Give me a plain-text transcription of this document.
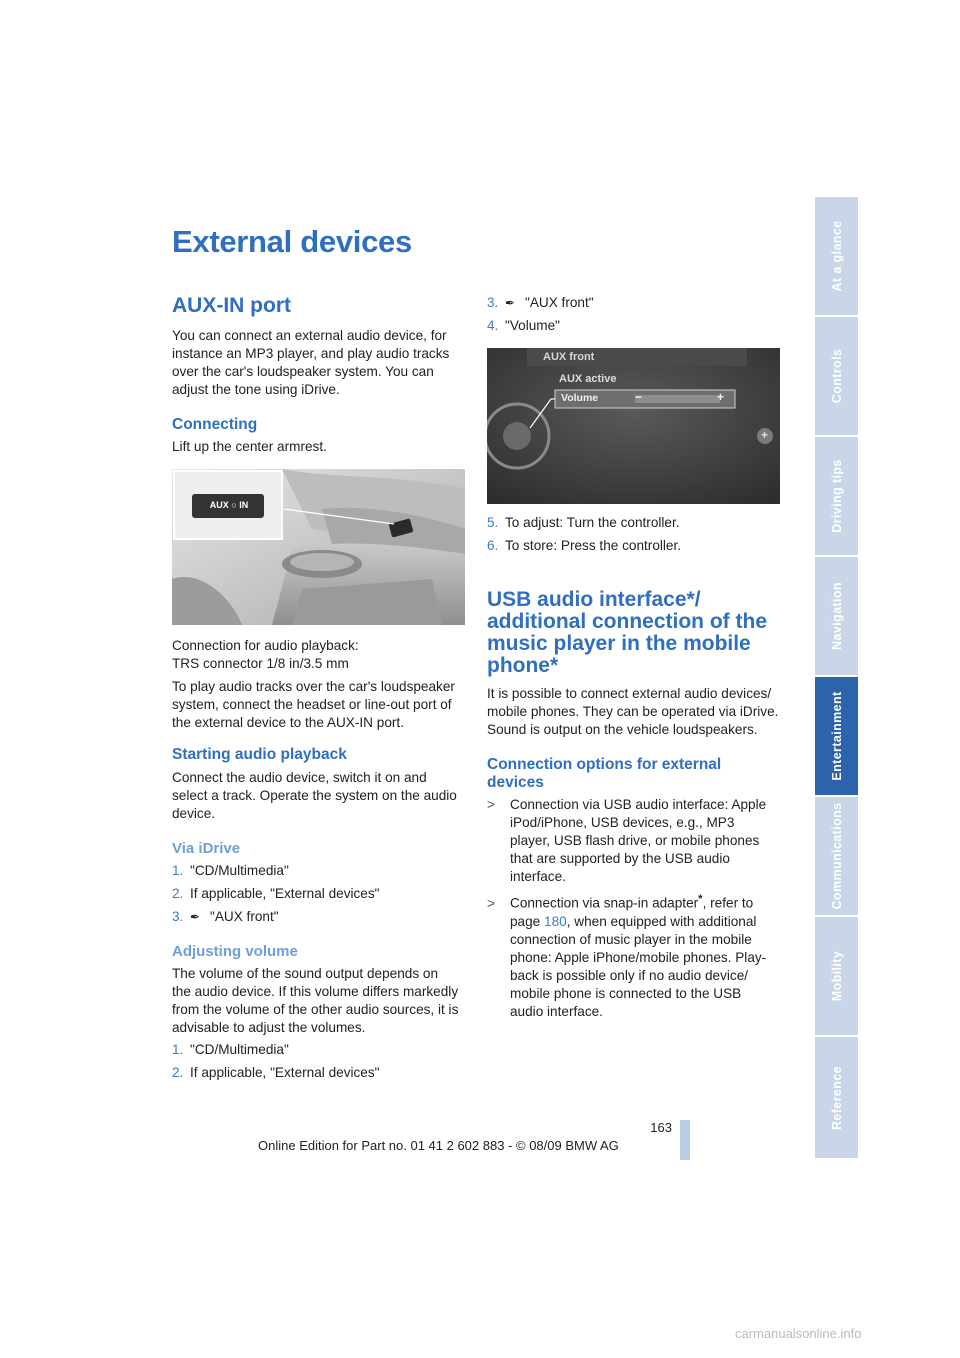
External devices
AUX-IN port
You can connect an external audio device, for
instance an MP3 player, and play audio tracks
over the car's loudspeaker system. You can
adjust the tone using iDrive.
Connecting
Lift up the center armrest.
AUX ○ IN
Connection for audio playback:
TRS connector 1/8 in/3.5 mm
To play audio tracks over the car's loudspeaker
system, connect the headset or line-out port of
the external device to the AUX-IN port.
Starting audio playback
Connect the audio device, switch it on and
select a track. Operate the system on the audio
device.
Via iDrive
1. "CD/Multimedia"
2. If applicable, "External devices"
3. ✒ "AUX front"
Adjusting volume
The volume of the sound output depends on
the audio device. If this volume differs markedly
from the volume of the other audio sources, it is
advisable to adjust the volumes.
1. "CD/Multimedia"
2. If applicable, "External devices"
3. ✒ "AUX front"
4. "Volume"
AUX front
AUX active
Volume	−	+
+
5. To adjust: Turn the controller.
6. To store: Press the controller.
USB audio interface*/
additional connection of the
music player in the mobile
phone*
It is possible to connect external audio devices/
mobile phones. They can be operated via iDrive.
Sound is output on the vehicle loudspeakers.
Connection options for external
devices
> Connection via USB audio interface: Apple
iPod/iPhone, USB devices, e.g., MP3
player, USB flash drive, or mobile phones
that are supported by the USB audio
interface.
> Connection via snap-in adapter*, refer to
page 180, when equipped with additional
connection of music player in the mobile
phone: Apple iPhone/mobile phones. Play-
back is possible only if no audio device/
mobile phone is connected to the USB
audio interface.
At a glance
Controls
Driving tips
Navigation
Entertainment
Communications
Mobility
Reference
163
Online Edition for Part no. 01 41 2 602 883 - © 08/09 BMW AG
carmanualsonline.info
